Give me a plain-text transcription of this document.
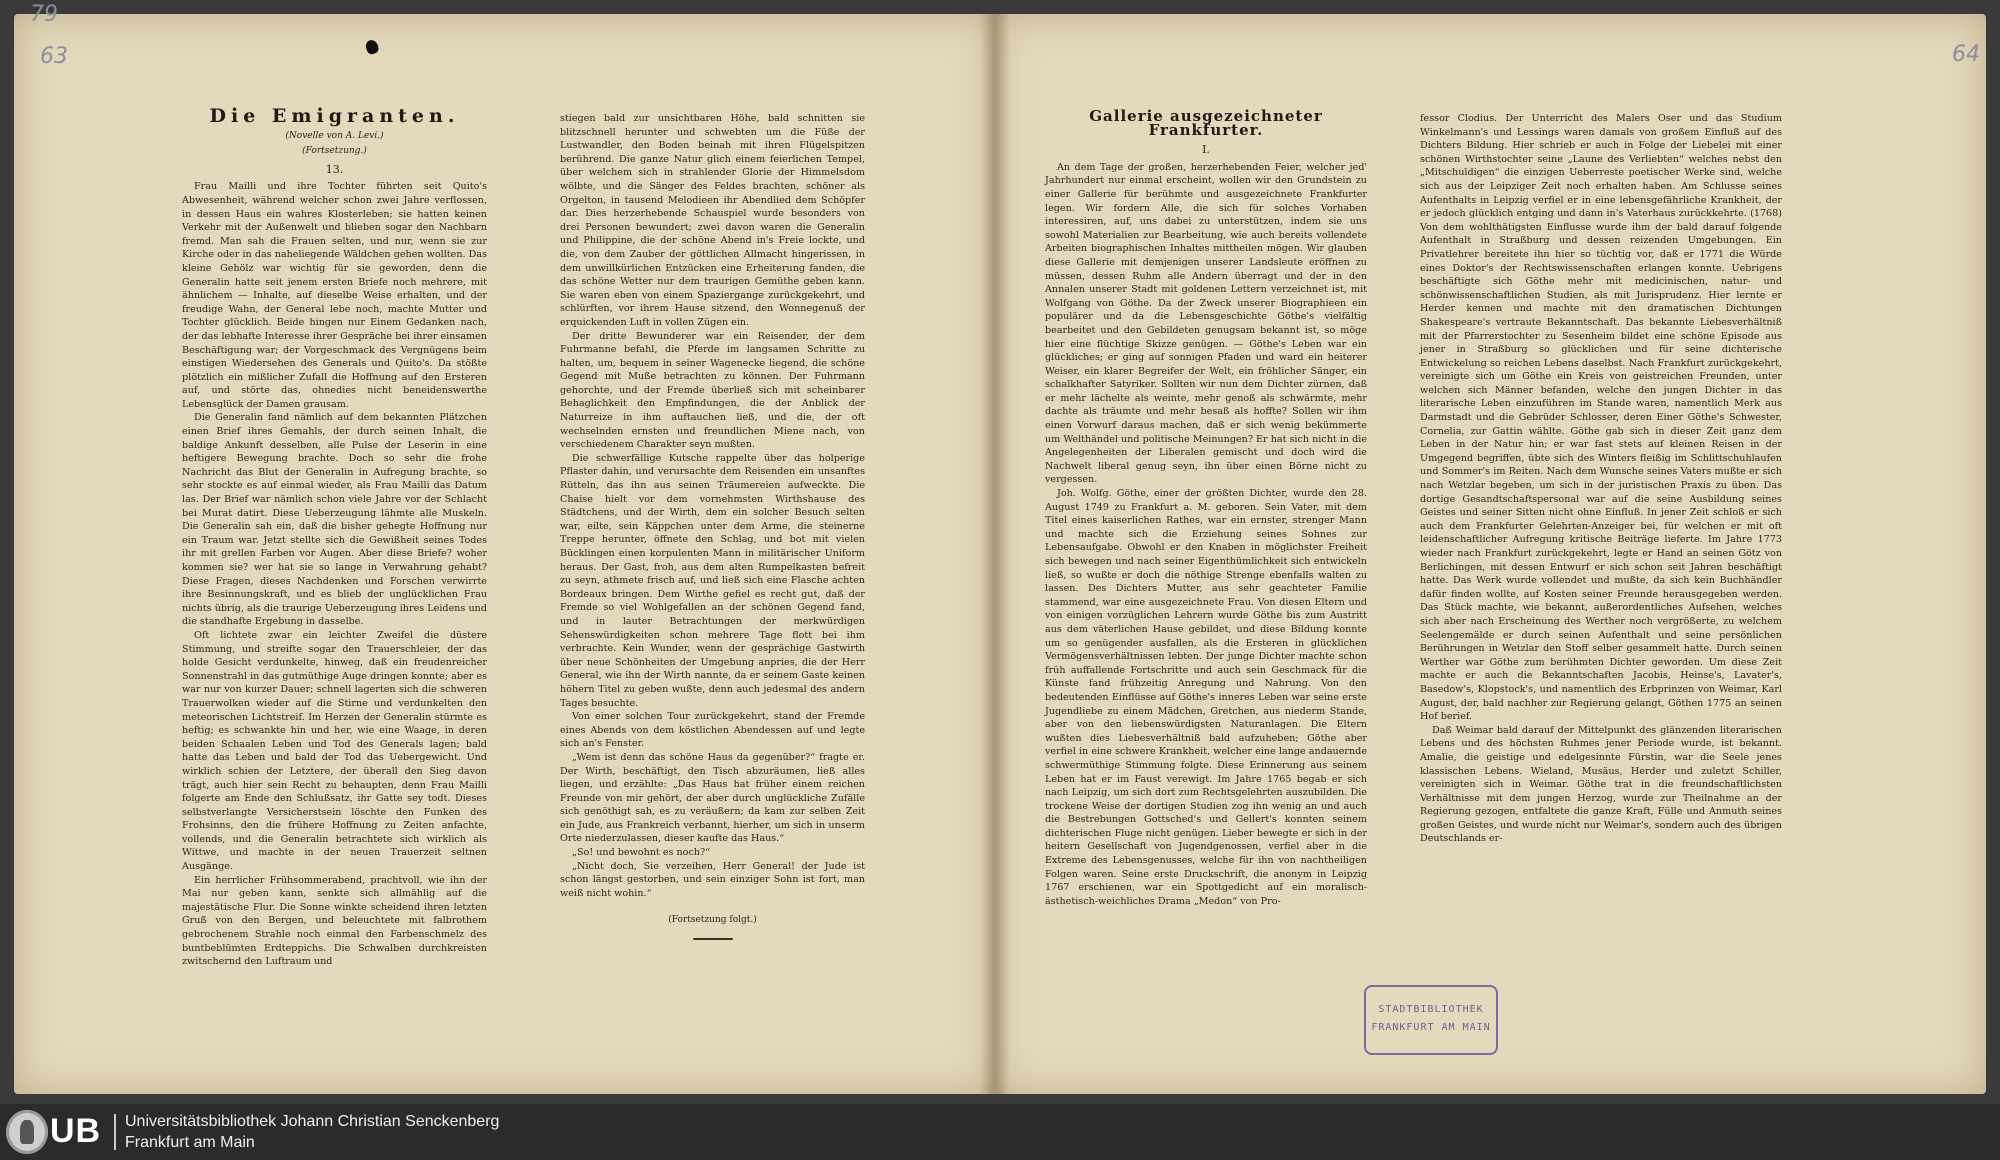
79
63	64
Die Emigranten.
(Novelle von A. Levi.)
(Fortsetzung.)
13.

Frau Mailli und ihre Tochter führten seit Quito's Abwesenheit, während welcher schon zwei Jahre verflossen, in dessen Haus ein wahres Klosterleben; sie hatten keinen Verkehr mit der Außenwelt und blieben sogar den Nachbarn fremd. Man sah die Frauen selten, und nur, wenn sie zur Kirche oder in das naheliegende Wäldchen gehen wollten. Das kleine Gehölz war wichtig für sie geworden, denn die Generalin hatte seit jenem ersten Briefe noch mehrere, mit ähnlichem — Inhalte, auf dieselbe Weise erhalten, und der freudige Wahn, der General lebe noch, machte Mutter und Tochter glücklich. Beide hingen nur Einem Gedanken nach, der das lebhafte Interesse ihrer Gespräche bei ihrer einsamen Beschäftigung war; der Vorgeschmack des Vergnügens beim einstigen Wiedersehen des Generals und Quito's. Da stößte plötzlich ein mißlicher Zufall die Hoffnung auf den Ersteren auf, und störte das, ohnedies nicht beneidenswerthe Lebensglück der Damen grausam.

Die Generalin fand nämlich auf dem bekannten Plätzchen einen Brief ihres Gemahls, der durch seinen Inhalt, die baldige Ankunft desselben, alle Pulse der Leserin in eine heftigere Bewegung brachte. Doch so sehr die frohe Nachricht das Blut der Generalin in Aufregung brachte, so sehr stockte es auf einmal wieder, als Frau Mailli das Datum las. Der Brief war nämlich schon viele Jahre vor der Schlacht bei Murat datirt. Diese Ueberzeugung lähmte alle Muskeln. Die Generalin sah ein, daß die bisher gehegte Hoffnung nur ein Traum war. Jetzt stellte sich die Gewißheit seines Todes ihr mit grellen Farben vor Augen. Aber diese Briefe? woher kommen sie? wer hat sie so lange in Verwahrung gehabt? Diese Fragen, dieses Nachdenken und Forschen verwirrte ihre Besinnungskraft, und es blieb der unglücklichen Frau nichts übrig, als die traurige Ueberzeugung ihres Leidens und die standhafte Ergebung in dasselbe.

Oft lichtete zwar ein leichter Zweifel die düstere Stimmung, und streifte sogar den Trauerschleier, der das holde Gesicht verdunkelte, hinweg, daß ein freudenreicher Sonnenstrahl in das gutmüthige Auge dringen konnte; aber es war nur von kurzer Dauer; schnell lagerten sich die schweren Trauerwolken wieder auf die Stirne und verdunkelten den meteorischen Lichtstreif. Im Herzen der Generalin stürmte es heftig; es schwankte hin und her, wie eine Waage, in deren beiden Schaalen Leben und Tod des Generals lagen; bald hatte das Leben und bald der Tod das Uebergewicht. Und wirklich schien der Letztere, der überall den Sieg davon trägt, auch hier sein Recht zu behaupten, denn Frau Mailli folgerte am Ende den Schlußsatz, ihr Gatte sey todt. Dieses selbstverlangte Versicherstsein löschte den Funken des Frohsinns, den die frühere Hoffnung zu Zeiten anfachte, vollends, und die Generalin betrachtete sich wirklich als Wittwe, und machte in der neuen Trauerzeit seltnen Ausgänge.

Ein herrlicher Frühsommerabend, prachtvoll, wie ihn der Mai nur geben kann, senkte sich allmählig auf die majestätische Flur. Die Sonne winkte scheidend ihren letzten Gruß von den Bergen, und beleuchtete mit falbrothem gebrochenem Strahle noch einmal den Farbenschmelz des buntbeblümten Erdteppichs. Die Schwalben durchkreisten zwitschernd den Luftraum und

stiegen bald zur unsichtbaren Höhe, bald schnitten sie blitzschnell herunter und schwebten um die Füße der Lustwandler, den Boden beinah mit ihren Flügelspitzen berührend. Die ganze Natur glich einem feierlichen Tempel, über welchem sich in strahlender Glorie der Himmelsdom wölbte, und die Sänger des Feldes brachten, schöner als Orgelton, in tausend Melodieen ihr Abendlied dem Schöpfer dar. Dies herzerhebende Schauspiel wurde besonders von drei Personen bewundert; zwei davon waren die Generalin und Philippine, die der schöne Abend in's Freie lockte, und die, von dem Zauber der göttlichen Allmacht hingerissen, in dem unwillkürlichen Entzücken eine Erheiterung fanden, die das schöne Wetter nur dem traurigen Gemüthe geben kann. Sie waren eben von einem Spaziergange zurückgekehrt, und schlürften, vor ihrem Hause sitzend, den Wonnegenuß der erquickenden Luft in vollen Zügen ein.

Der dritte Bewunderer war ein Reisender, der dem Fuhrmanne befahl, die Pferde im langsamen Schritte zu halten, um, bequem in seiner Wagenecke liegend, die schöne Gegend mit Muße betrachten zu können. Der Fuhrmann gehorchte, und der Fremde überließ sich mit scheinbarer Behaglichkeit den Empfindungen, die der Anblick der Naturreize in ihm auftauchen ließ, und die, der oft wechselnden ernsten und freundlichen Miene nach, von verschiedenem Charakter seyn mußten.

Die schwerfällige Kutsche rappelte über das holperige Pflaster dahin, und verursachte dem Reisenden ein unsanftes Rütteln, das ihn aus seinen Träumereien aufweckte. Die Chaise hielt vor dem vornehmsten Wirthshause des Städtchens, und der Wirth, dem ein solcher Besuch selten war, eilte, sein Käppchen unter dem Arme, die steinerne Treppe herunter, öffnete den Schlag, und bot mit vielen Bücklingen einen korpulenten Mann in militärischer Uniform heraus. Der Gast, froh, aus dem alten Rumpelkasten befreit zu seyn, athmete frisch auf, und ließ sich eine Flasche achten Bordeaux bringen. Dem Wirthe gefiel es recht gut, daß der Fremde so viel Wohlgefallen an der schönen Gegend fand, und in lauter Betrachtungen der merkwürdigen Sehenswürdigkeiten schon mehrere Tage flott bei ihm verbrachte. Kein Wunder, wenn der gesprächige Gastwirth über neue Schönheiten der Umgebung anpries, die der Herr General, wie ihn der Wirth nannte, da er seinem Gaste keinen höhern Titel zu geben wußte, denn auch jedesmal des andern Tages besuchte.

Von einer solchen Tour zurückgekehrt, stand der Fremde eines Abends von dem köstlichen Abendessen auf und legte sich an's Fenster.

„Wem ist denn das schöne Haus da gegenüber?“ fragte er. Der Wirth, beschäftigt, den Tisch abzuräumen, ließ alles liegen, und erzählte: „Das Haus hat früher einem reichen Freunde von mir gehört, der aber durch unglückliche Zufälle sich genöthigt sah, es zu veräußern; da kam zur selben Zeit ein Jude, aus Frankreich verbannt, hierher, um sich in unserm Orte niederzulassen, dieser kaufte das Haus.“

„So! und bewohnt es noch?“

„Nicht doch, Sie verzeihen, Herr General! der Jude ist schon längst gestorben, und sein einziger Sohn ist fort, man weiß nicht wohin.“

(Fortsetzung folgt.)

Gallerie ausgezeichneter Frankfurter.
I.

An dem Tage der großen, herzerhebenden Feier, welcher jed' Jahrhundert nur einmal erscheint, wollen wir den Grundstein zu einer Gallerie für berühmte und ausgezeichnete Frankfurter legen. Wir fordern Alle, die sich für solches Vorhaben interessiren, auf, uns dabei zu unterstützen, indem sie uns sowohl Materialien zur Bearbeitung, wie auch bereits vollendete Arbeiten biographischen Inhaltes mittheilen mögen. Wir glauben diese Gallerie mit demjenigen unserer Landsleute eröffnen zu müssen, dessen Ruhm alle Andern überragt und der in den Annalen unserer Stadt mit goldenen Lettern verzeichnet ist, mit Wolfgang von Göthe. Da der Zweck unserer Biographieen ein populärer und da die Lebensgeschichte Göthe's vielfältig bearbeitet und den Gebildeten genugsam bekannt ist, so möge hier eine flüchtige Skizze genügen. — Göthe's Leben war ein glückliches; er ging auf sonnigen Pfaden und ward ein heiterer Weiser, ein klarer Begreifer der Welt, ein fröhlicher Sänger, ein schalkhafter Satyriker. Sollten wir nun dem Dichter zürnen, daß er mehr lächelte als weinte, mehr genoß als schwärmte, mehr dachte als träumte und mehr besaß als hoffte? Sollen wir ihm einen Vorwurf daraus machen, daß er sich wenig bekümmerte um Welthändel und politische Meinungen? Er hat sich nicht in die Angelegenheiten der Liberalen gemischt und doch wird die Nachwelt liberal genug seyn, ihn über einen Börne nicht zu vergessen.

Joh. Wolfg. Göthe, einer der größten Dichter, wurde den 28. August 1749 zu Frankfurt a. M. geboren. Sein Vater, mit dem Titel eines kaiserlichen Rathes, war ein ernster, strenger Mann und machte sich die Erziehung seines Sohnes zur Lebensaufgabe. Obwohl er den Knaben in möglichster Freiheit sich bewegen und nach seiner Eigenthümlichkeit sich entwickeln ließ, so wußte er doch die nöthige Strenge ebenfalls walten zu lassen. Des Dichters Mutter, aus sehr geachteter Familie stammend, war eine ausgezeichnete Frau. Von diesen Eltern und von einigen vorzüglichen Lehrern wurde Göthe bis zum Austritt aus dem väterlichen Hause gebildet, und diese Bildung konnte um so genügender ausfallen, als die Ersteren in glücklichen Vermögensverhältnissen lebten. Der junge Dichter machte schon früh auffallende Fortschritte und auch sein Geschmack für die Künste fand frühzeitig Anregung und Nahrung. Von den bedeutenden Einflüsse auf Göthe's inneres Leben war seine erste Jugendliebe zu einem Mädchen, Gretchen, aus niederm Stande, aber von den liebenswürdigsten Naturanlagen. Die Eltern wußten dies Liebesverhältniß bald aufzuheben; Göthe aber verfiel in eine schwere Krankheit, welcher eine lange andauernde schwermüthige Stimmung folgte. Diese Erinnerung aus seinem Leben hat er im Faust verewigt. Im Jahre 1765 begab er sich nach Leipzig, um sich dort zum Rechtsgelehrten auszubilden. Die trockene Weise der dortigen Studien zog ihn wenig an und auch die Bestrebungen Gottsched's und Gellert's konnten seinem dichterischen Fluge nicht genügen. Lieber bewegte er sich in der heitern Gesellschaft von Jugendgenossen, verfiel aber in die Extreme des Lebensgenusses, welche für ihn von nachtheiligen Folgen waren. Seine erste Druckschrift, die anonym in Leipzig 1767 erschienen, war ein Spottgedicht auf ein moralisch-ästhetisch-weichliches Drama „Medon“ von Pro-

fessor Clodius. Der Unterricht des Malers Oser und das Studium Winkelmann's und Lessings waren damals von großem Einfluß auf des Dichters Bildung. Hier schrieb er auch in Folge der Liebelei mit einer schönen Wirthstochter seine „Laune des Verliebten“ welches nebst den „Mitschuldigen“ die einzigen Ueberreste poetischer Werke sind, welche sich aus der Leipziger Zeit noch erhalten haben. Am Schlusse seines Aufenthalts in Leipzig verfiel er in eine lebensgefährliche Krankheit, der er jedoch glücklich entging und dann in's Vaterhaus zurückkehrte. (1768) Von dem wohlthätigsten Einflusse wurde ihm der bald darauf folgende Aufenthalt in Straßburg und dessen reizenden Umgebungen. Ein Privatlehrer bereitete ihn hier so tüchtig vor, daß er 1771 die Würde eines Doktor's der Rechtswissenschaften erlangen konnte. Uebrigens beschäftigte sich Göthe mehr mit medicinischen, natur- und schönwissenschaftlichen Studien, als mit Jurisprudenz. Hier lernte er Herder kennen und machte mit den dramatischen Dichtungen Shakespeare's vertraute Bekanntschaft. Das bekannte Liebesverhältniß mit der Pfarrerstochter zu Sesenheim bildet eine schöne Episode aus jener in Straßburg so glücklichen und für seine dichterische Entwickelung so reichen Lebens daselbst. Nach Frankfurt zurückgekehrt, vereinigte sich um Göthe ein Kreis von geistreichen Freunden, unter welchen sich Männer befanden, welche den jungen Dichter in das literarische Leben einzuführen im Stande waren, namentlich Merk aus Darmstadt und die Gebrüder Schlosser, deren Einer Göthe's Schwester, Cornelia, zur Gattin wählte. Göthe gab sich in dieser Zeit ganz dem Leben in der Natur hin; er war fast stets auf kleinen Reisen in der Umgegend begriffen, übte sich des Winters fleißig im Schlittschuhlaufen und Sommer's im Reiten. Nach dem Wunsche seines Vaters mußte er sich nach Wetzlar begeben, um sich in der juristischen Praxis zu üben. Das dortige Gesandtschaftspersonal war auf die seine Ausbildung seines Geistes und seiner Sitten nicht ohne Einfluß. In jener Zeit schloß er sich auch dem Frankfurter Gelehrten-Anzeiger bei, für welchen er mit oft leidenschaftlicher Aufregung kritische Beiträge lieferte. Im Jahre 1773 wieder nach Frankfurt zurückgekehrt, legte er Hand an seinen Götz von Berlichingen, mit dessen Entwurf er sich schon seit Jahren beschäftigt hatte. Das Werk wurde vollendet und mußte, da sich kein Buchhändler dafür finden wollte, auf Kosten seiner Freunde herausgegeben werden. Das Stück machte, wie bekannt, außerordentliches Aufsehen, welches sich aber nach Erscheinung des Werther noch vergrößerte, zu welchem Seelengemälde er durch seinen Aufenthalt und seine persönlichen Berührungen in Wetzlar den Stoff selber gesammelt hatte. Durch seinen Werther war Göthe zum berühmten Dichter geworden. Um diese Zeit machte er auch die Bekanntschaften Jacobis, Heinse's, Lavater's, Basedow's, Klopstock's, und namentlich des Erbprinzen von Weimar, Karl August, der, bald nachher zur Regierung gelangt, Göthen 1775 an seinen Hof berief.

Daß Weimar bald darauf der Mittelpunkt des glänzenden literarischen Lebens und des höchsten Ruhmes jener Periode wurde, ist bekannt. Amalie, die geistige und edelgesinnte Fürstin, war die Seele jenes klassischen Lebens. Wieland, Musäus, Herder und zuletzt Schiller, vereinigten sich in Weimar. Göthe trat in die freundschaftlichsten Verhältnisse mit dem jungen Herzog, wurde zur Theilnahme an der Regierung gezogen, entfaltete die ganze Kraft, Fülle und Anmuth seines großen Geistes, und wurde nicht nur Weimar's, sondern auch des übrigen Deutschlands er-

STADTBIBLIOTHEK
FRANKFURT AM MAIN
UB Universitätsbibliothek Johann Christian Senckenberg
Frankfurt am Main
